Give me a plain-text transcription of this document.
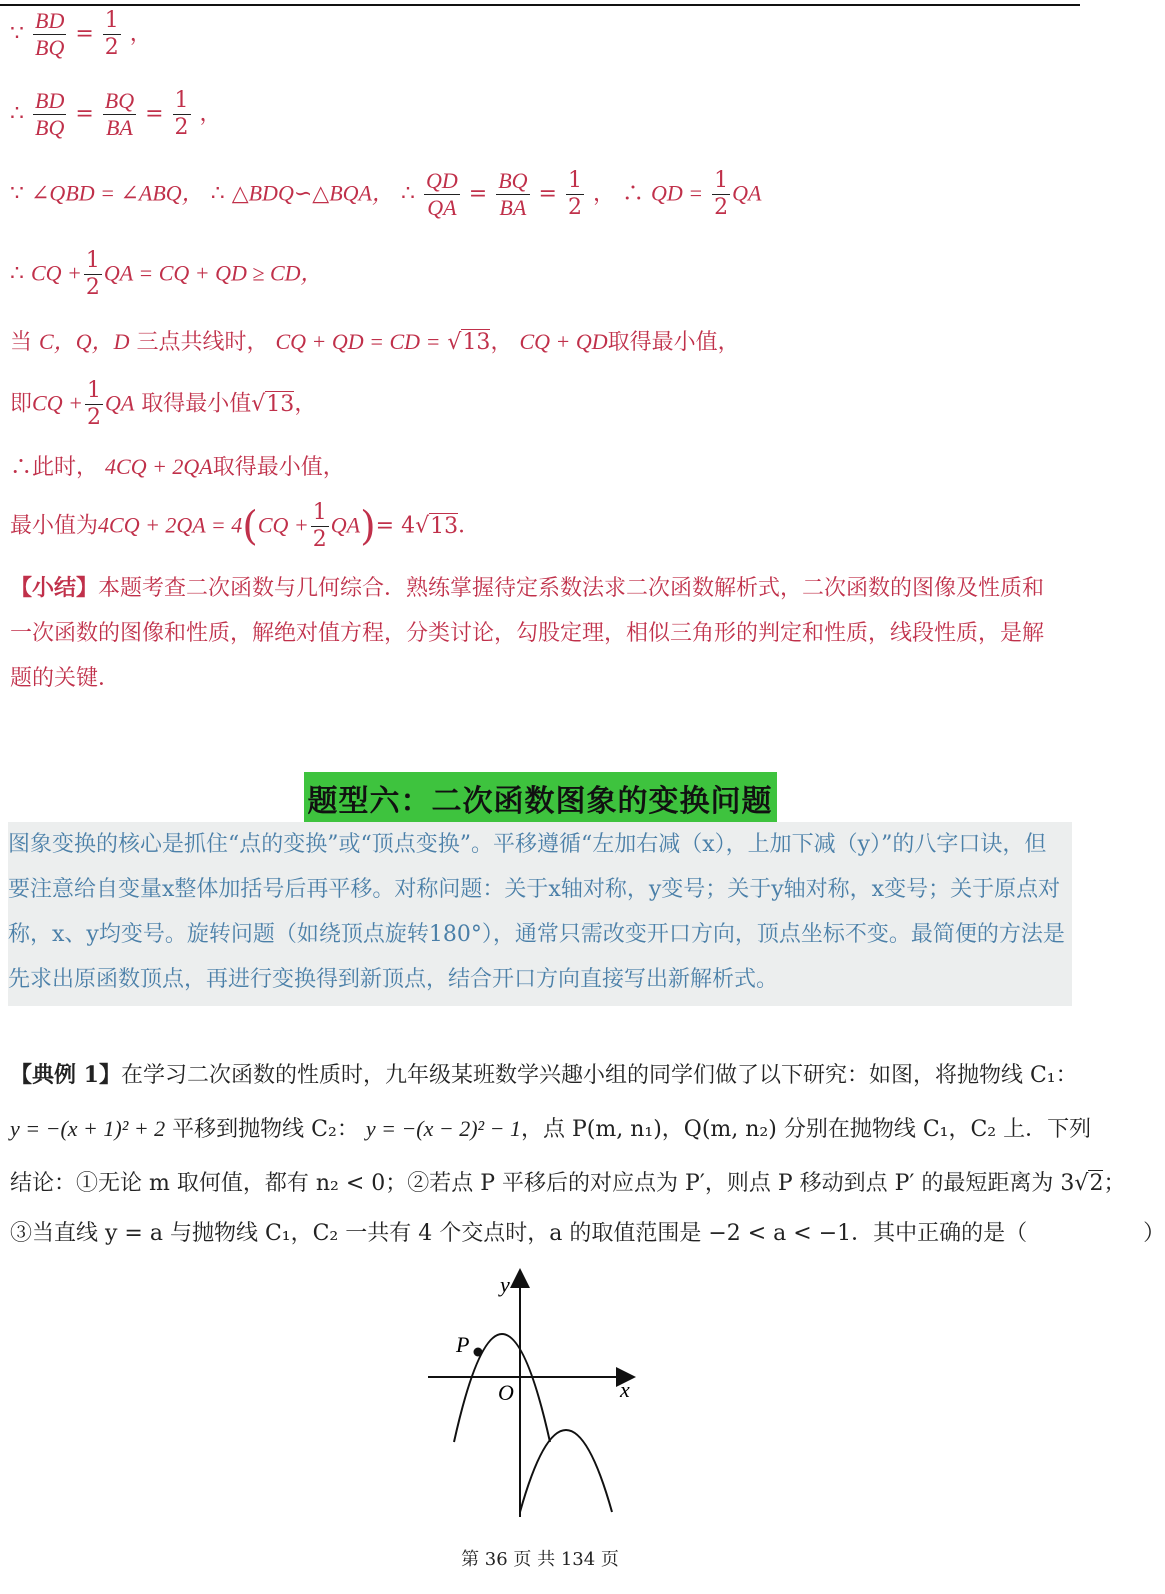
∵ $\frac{BD}{BQ} = \frac{1}{2}$ ，
∴ $\frac{BD}{BQ} = \frac{BQ}{BA} = \frac{1}{2}$ ，
∵ ∠QBD = ∠ABQ， ∴ △BDQ∽△BQA， ∴ $\frac{QD}{QA} = \frac{BQ}{BA} = \frac{1}{2}$ ， ∴ QD = $\frac{1}{2}$ QA
∴ CQ + $\frac{1}{2}$ QA = CQ + QD ≥ CD，
当 C，Q，D 三点共线时， CQ + QD = CD = √13， CQ + QD取得最小值，
即CQ + $\frac{1}{2}$ QA 取得最小值√13，
∴此时， 4CQ + 2QA取得最小值，
最小值为$4CQ + 2QA = 4(CQ + \frac{1}{2} QA)= 4√13$．
【小结】本题考查二次函数与几何综合．熟练掌握待定系数法求二次函数解析式，二次函数的图像及性质和一次函数的图像和性质，解绝对值方程，分类讨论，勾股定理，相似三角形的判定和性质，线段性质，是解题的关键．
题型六：二次函数图象的变换问题
图象变换的核心是抓住“点的变换”或“顶点变换”。平移遵循“左加右减（x），上加下减（y）”的八字口诀，但要注意给自变量x整体加括号后再平移。对称问题：关于x轴对称，y变号；关于y轴对称，x变号；关于原点对称，x、y均变号。旋转问题（如绕顶点旋转180°），通常只需改变开口方向，顶点坐标不变。最简便的方法是先求出原函数顶点，再进行变换得到新顶点，结合开口方向直接写出新解析式。
【典例 1】在学习二次函数的性质时，九年级某班数学兴趣小组的同学们做了以下研究：如图，将抛物线 C₁：
y = −(x + 1)² + 2 平移到抛物线 C₂： y = −(x − 2)² − 1，点 P(m, n₁)，Q(m, n₂) 分别在抛物线 C₁，C₂ 上．下列
结论：①无论 m 取何值，都有 n₂ < 0；②若点 P 平移后的对应点为 P′，则点 P 移动到点 P′ 的最短距离为 3√2；
③当直线 y = a 与抛物线 C₁，C₂ 一共有 4 个交点时，a 的取值范围是 −2 < a < −1．其中正确的是（	）
P
y
x
O
第 36 页 共 134 页
